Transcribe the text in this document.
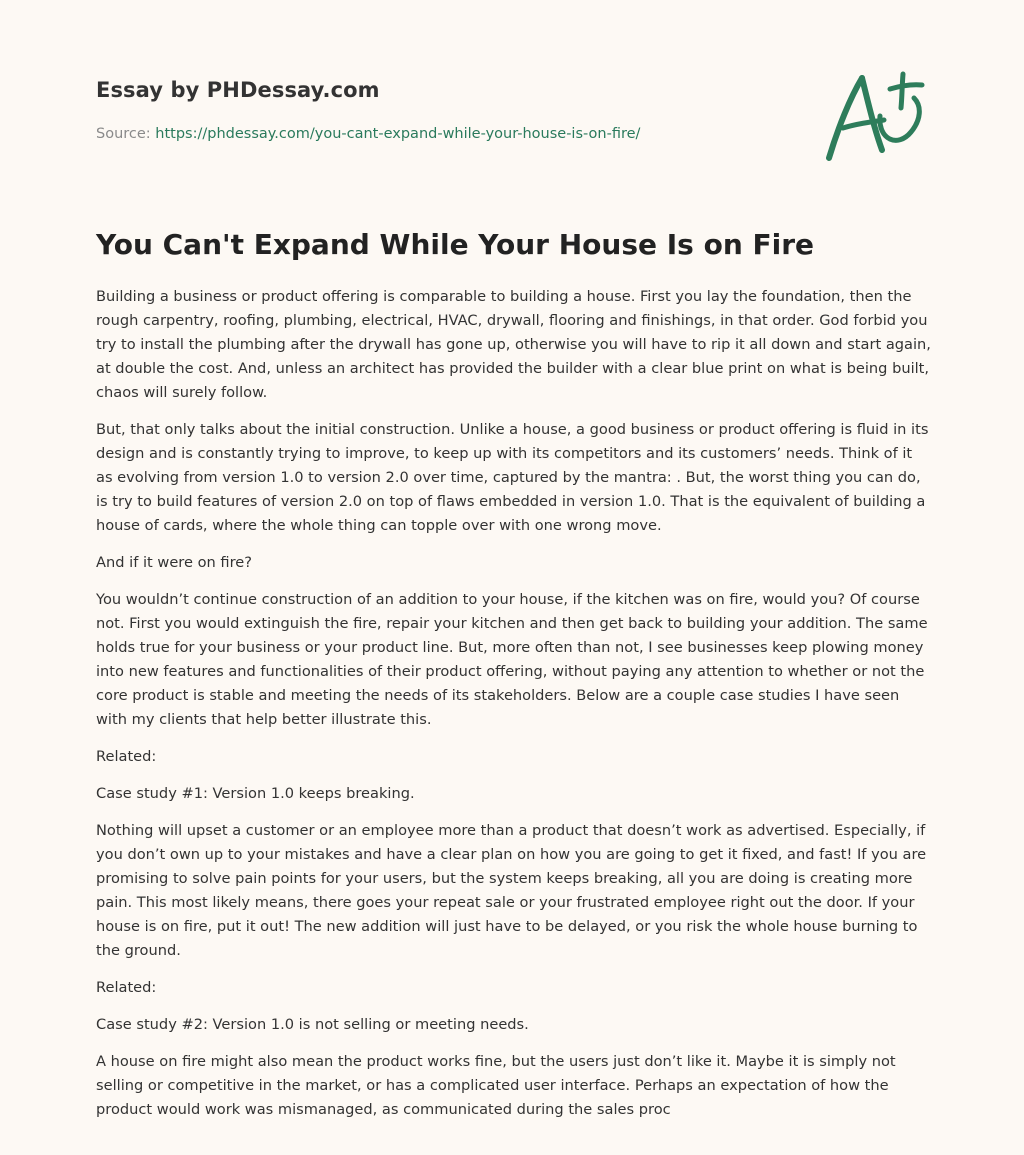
Essay by PHDessay.com
Source: https://phdessay.com/you-cant-expand-while-your-house-is-on-fire/
You Can't Expand While Your House Is on Fire

Building a business or product offering is comparable to building a house. First you lay the foundation, then the rough carpentry, roofing, plumbing, electrical, HVAC, drywall, flooring and finishings, in that order. God forbid you try to install the plumbing after the drywall has gone up, otherwise you will have to rip it all down and start again, at double the cost. And, unless an architect has provided the builder with a clear blue print on what is being built, chaos will surely follow.

But, that only talks about the initial construction. Unlike a house, a good business or product offering is fluid in its design and is constantly trying to improve, to keep up with its competitors and its customers’ needs. Think of it as evolving from version 1.0 to version 2.0 over time, captured by the mantra: . But, the worst thing you can do, is try to build features of version 2.0 on top of flaws embedded in version 1.0. That is the equivalent of building a house of cards, where the whole thing can topple over with one wrong move.

And if it were on fire?

You wouldn’t continue construction of an addition to your house, if the kitchen was on fire, would you? Of course not. First you would extinguish the fire, repair your kitchen and then get back to building your addition. The same holds true for your business or your product line. But, more often than not, I see businesses keep plowing money into new features and functionalities of their product offering, without paying any attention to whether or not the core product is stable and meeting the needs of its stakeholders. Below are a couple case studies I have seen with my clients that help better illustrate this.

Related:

Case study #1: Version 1.0 keeps breaking.

Nothing will upset a customer or an employee more than a product that doesn’t work as advertised. Especially, if you don’t own up to your mistakes and have a clear plan on how you are going to get it fixed, and fast! If you are promising to solve pain points for your users, but the system keeps breaking, all you are doing is creating more pain. This most likely means, there goes your repeat sale or your frustrated employee right out the door. If your house is on fire, put it out! The new addition will just have to be delayed, or you risk the whole house burning to the ground.

Related:

Case study #2: Version 1.0 is not selling or meeting needs.

A house on fire might also mean the product works fine, but the users just don’t like it. Maybe it is simply not selling or competitive in the market, or has a complicated user interface. Perhaps an expectation of how the product would work was mismanaged, as communicated during the sales proc
